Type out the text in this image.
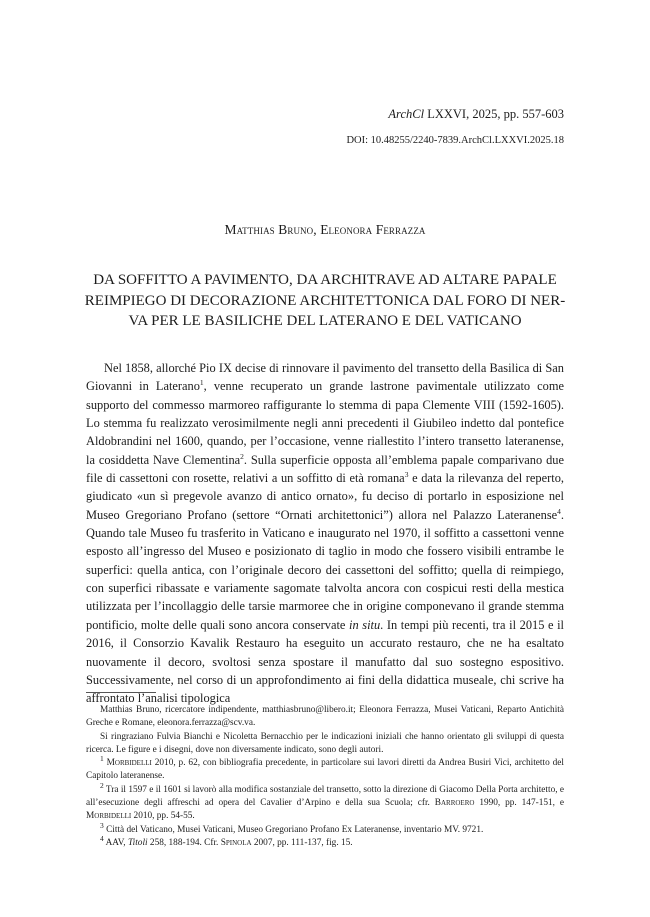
ArchCl LXXVI, 2025, pp. 557-603
DOI: 10.48255/2240-7839.ArchCl.LXXVI.2025.18
Matthias Bruno, Eleonora Ferrazza
DA SOFFITTO A PAVIMENTO, DA ARCHITRAVE AD ALTARE PAPALE
REIMPIEGO DI DECORAZIONE ARCHITETTONICA DAL FORO DI NER-
VA PER LE BASILICHE DEL LATERANO E DEL VATICANO

Nel 1858, allorché Pio IX decise di rinnovare il pavimento del transetto della Basilica di San Giovanni in Laterano$^1$, venne recuperato un grande lastrone pavimentale utilizzato come supporto del commesso marmoreo raffigurante lo stemma di papa Clemente VIII (1592-1605). Lo stemma fu realizzato verosimilmente negli anni precedenti il Giubileo indetto dal pontefice Aldobrandini nel 1600, quando, per l’occasione, venne riallestito l’intero transetto lateranense, la cosiddetta Nave Clementina$^2$. Sulla superficie opposta all’emblema papale comparivano due file di cassettoni con rosette, relativi a un soffitto di età romana$^3$ e data la rilevanza del reperto, giudicato «un sì pregevole avanzo di antico ornato», fu deciso di portarlo in esposizione nel Museo Gregoriano Profano (settore “Ornati architettonici”) allora nel Palazzo Lateranense$^4$. Quando tale Museo fu trasferito in Vaticano e inaugurato nel 1970, il soffitto a cassettoni venne esposto all’ingresso del Museo e posizionato di taglio in modo che fossero visibili entrambe le superfici: quella antica, con l’originale decoro dei cassettoni del soffitto; quella di reimpiego, con superfici ribassate e variamente sagomate talvolta ancora con cospicui resti della mestica utilizzata per l’incollaggio delle tarsie marmoree che in origine componevano il grande stemma pontificio, molte delle quali sono ancora conservate in situ. In tempi più recenti, tra il 2015 e il 2016, il Consorzio Kavalik Restauro ha eseguito un accurato restauro, che ne ha esaltato nuovamente il decoro, svoltosi senza spostare il manufatto dal suo sostegno espositivo. Successivamente, nel corso di un approfondimento ai fini della didattica museale, chi scrive ha affrontato l’analisi tipologica

Matthias Bruno, ricercatore indipendente, matthiasbruno@libero.it; Eleonora Ferrazza, Musei Vaticani, Reparto Antichità Greche e Romane, eleonora.ferrazza@scv.va.

Si ringraziano Fulvia Bianchi e Nicoletta Bernacchio per le indicazioni iniziali che hanno orientato gli sviluppi di questa ricerca. Le figure e i disegni, dove non diversamente indicato, sono degli autori.

$^1$ Morbidelli 2010, p. 62, con bibliografia precedente, in particolare sui lavori diretti da Andrea Busiri Vici, architetto del Capitolo lateranense.

$^2$ Tra il 1597 e il 1601 si lavorò alla modifica sostanziale del transetto, sotto la direzione di Giacomo Della Porta architetto, e all’esecuzione degli affreschi ad opera del Cavalier d’Arpino e della sua Scuola; cfr. Barroero 1990, pp. 147-151, e Morbidelli 2010, pp. 54-55.

$^3$ Città del Vaticano, Musei Vaticani, Museo Gregoriano Profano Ex Lateranense, inventario MV. 9721.

$^4$ AAV, Titoli 258, 188-194. Cfr. Spinola 2007, pp. 111-137, fig. 15.
